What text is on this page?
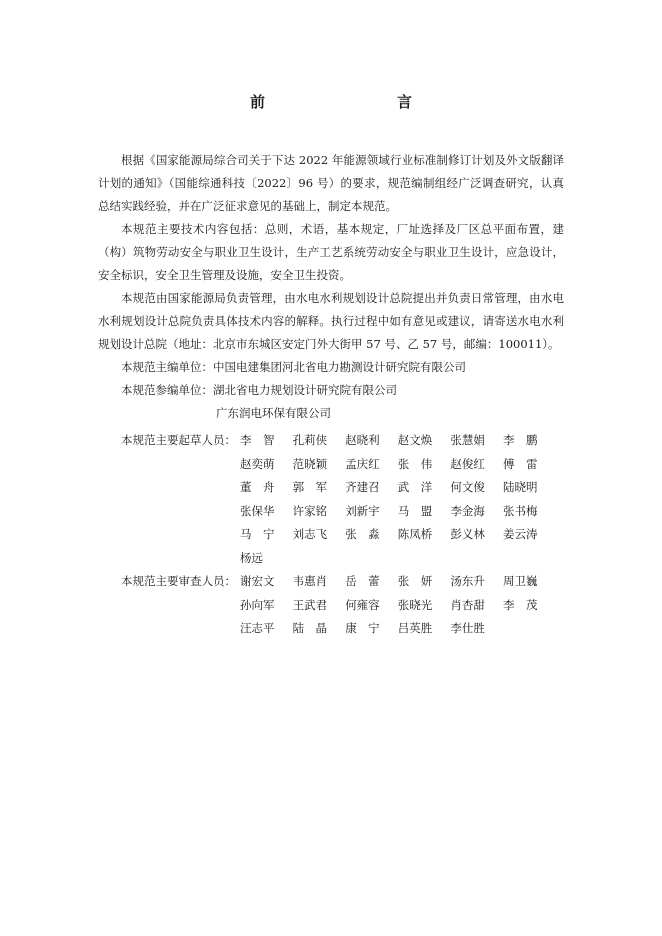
前　　言

根据《国家能源局综合司关于下达 2022 年能源领域行业标准制修订计划及外文版翻译计划的通知》（国能综通科技〔2022〕96 号）的要求，规范编制组经广泛调查研究，认真总结实践经验，并在广泛征求意见的基础上，制定本规范。

本规范主要技术内容包括：总则，术语，基本规定，厂址选择及厂区总平面布置，建（构）筑物劳动安全与职业卫生设计，生产工艺系统劳动安全与职业卫生设计，应急设计，安全标识，安全卫生管理及设施，安全卫生投资。

本规范由国家能源局负责管理，由水电水利规划设计总院提出并负责日常管理，由水电水利规划设计总院负责具体技术内容的解释。执行过程中如有意见或建议，请寄送水电水利规划设计总院（地址：北京市东城区安定门外大街甲 57 号、乙 57 号，邮编：100011）。

本规范主编单位：中国电建集团河北省电力勘测设计研究院有限公司
本规范参编单位：湖北省电力规划设计研究院有限公司
广东润电环保有限公司
本规范主要起草人员： 李　智	孔莉侠	赵晓利	赵文焕	张慧娟	李　鹏
赵奕萌	范晓颖	孟庆红	张　伟	赵俊红	傅　雷
董　舟	郭　军	齐建召	武　洋	何文俊	陆晓明
张保华	许家铭	刘新宇	马　盟	李金海	张书梅
马　宁	刘志飞	张　淼	陈凤桥	彭义林	姜云涛
杨远
本规范主要审查人员： 谢宏文	韦惠肖	岳　蕾	张　妍	汤东升	周卫巍
孙向军	王武君	何雍容	张晓光	肖杏甜	李　茂
汪志平	陆　晶	康　宁	吕英胜	李仕胜
